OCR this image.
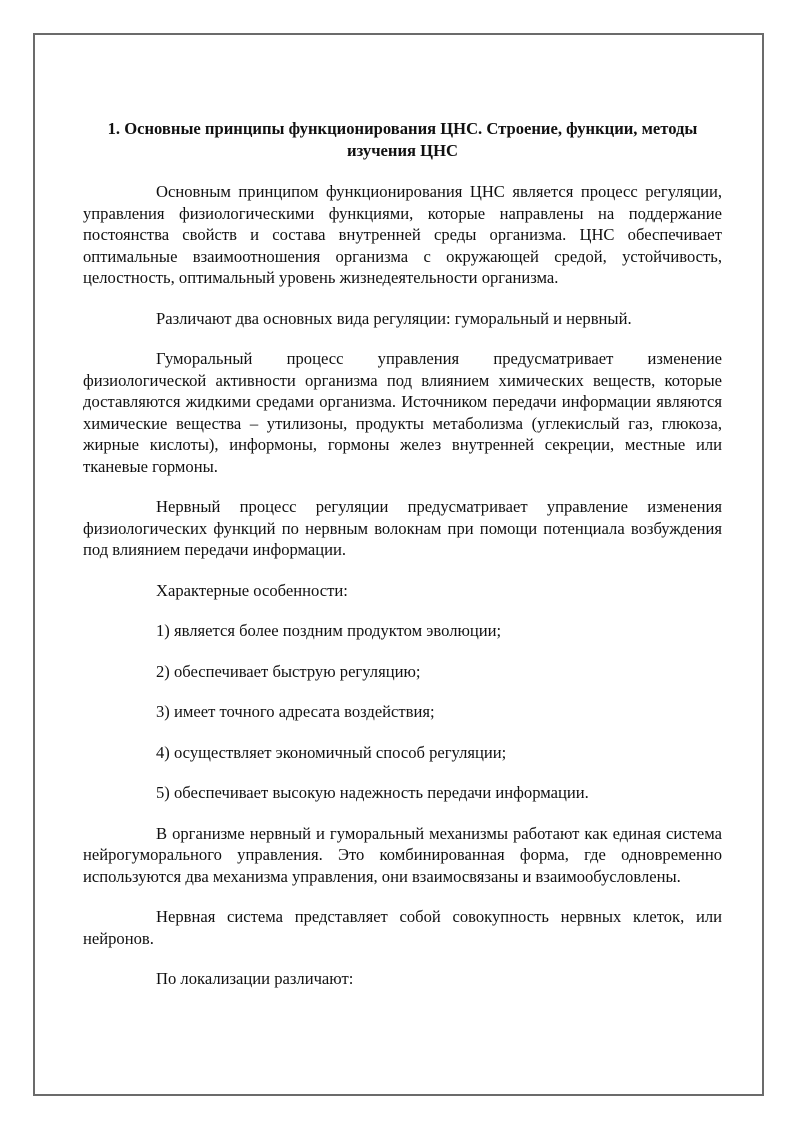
1. Основные принципы функционирования ЦНС. Строение, функции, методы изучения ЦНС

Основным принципом функционирования ЦНС является процесс регуляции, управления физиологическими функциями, которые направлены на поддержание постоянства свойств и состава внутренней среды организма. ЦНС обеспечивает оптимальные взаимоотношения организма с окружающей средой, устойчивость, целостность, оптимальный уровень жизнедеятельности организма.

Различают два основных вида регуляции: гуморальный и нервный.

Гуморальный процесс управления предусматривает изменение физиологической активности организма под влиянием химических веществ, которые доставляются жидкими средами организма. Источником передачи информации являются химические вещества – утилизоны, продукты метаболизма (углекислый газ, глюкоза, жирные кислоты), информоны, гормоны желез внутренней секреции, местные или тканевые гормоны.

Нервный процесс регуляции предусматривает управление изменения физиологических функций по нервным волокнам при помощи потенциала возбуждения под влиянием передачи информации.

Характерные особенности:

1) является более поздним продуктом эволюции;

2) обеспечивает быструю регуляцию;

3) имеет точного адресата воздействия;

4) осуществляет экономичный способ регуляции;

5) обеспечивает высокую надежность передачи информации.

В организме нервный и гуморальный механизмы работают как единая система нейрогуморального управления. Это комбинированная форма, где одновременно используются два механизма управления, они взаимосвязаны и взаимообусловлены.

Нервная система представляет собой совокупность нервных клеток, или нейронов.

По локализации различают:
